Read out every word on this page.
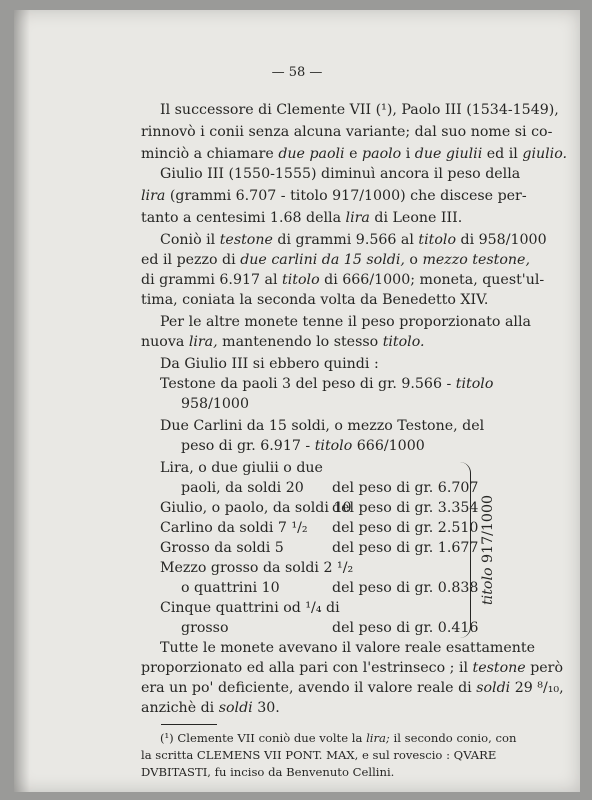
— 58 —
Il successore di Clemente VII (¹), Paolo III (1534-1549),
rinnovò i conii senza alcuna variante; dal suo nome si co-
minciò a chiamare due paoli e paolo i due giulii ed il giulio.
Giulio III (1550-1555) diminuì ancora il peso della
lira (grammi 6.707 - titolo 917/1000) che discese per-
tanto a centesimi 1.68 della lira di Leone III.
Coniò il testone di grammi 9.566 al titolo di 958/1000
ed il pezzo di due carlini da 15 soldi, o mezzo testone,
di grammi 6.917 al titolo di 666/1000; moneta, quest'ul-
tima, coniata la seconda volta da Benedetto XIV.
Per le altre monete tenne il peso proporzionato alla
nuova lira, mantenendo lo stesso titolo.
Da Giulio III si ebbero quindi :
Testone da paoli 3 del peso di gr. 9.566 - titolo
958/1000
Due Carlini da 15 soldi, o mezzo Testone, del
peso di gr. 6.917 - titolo 666/1000
Lira, o due giulii o due
paoli, da soldi 20 del peso di gr. 6.707
Giulio, o paolo, da soldi 10
del peso di gr. 3.354
Carlino da soldi 7 ¹/₂ del peso di gr. 2.510
Grosso da soldi 5	del peso di gr. 1.677
Mezzo grosso da soldi 2 ¹/₂
o quattrini 10	del peso di gr. 0.838
Cinque quattrini od ¹/₄ di
grosso	del peso di gr. 0.416
titolo 917/1000
Tutte le monete avevano il valore reale esattamente
proporzionato ed alla pari con l'estrinseco ; il testone però
era un po' deficiente, avendo il valore reale di soldi 29 ⁸/₁₀,
anzichè di soldi 30.
(¹) Clemente VII coniò due volte la lira; il secondo conio, con
la scritta CLEMENS VII PONT. MAX, e sul rovescio : QVARE
DVBITASTI, fu inciso da Benvenuto Cellini.
